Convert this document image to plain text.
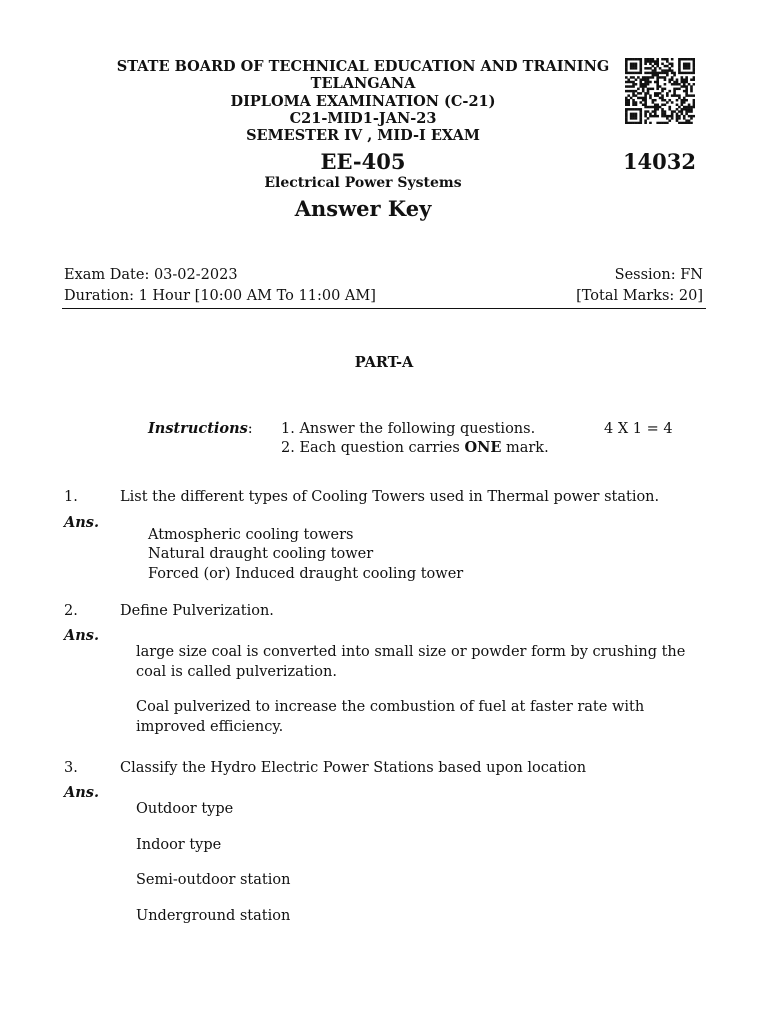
STATE BOARD OF TECHNICAL EDUCATION AND TRAINING
TELANGANA
DIPLOMA EXAMINATION (C-21)
C21-MID1-JAN-23
SEMESTER IV , MID-I EXAM
EE-405	14032
Electrical Power Systems
Answer Key
Exam Date: 03-02-2023	Session: FN
Duration: 1 Hour [10:00 AM To 11:00 AM]	[Total Marks: 20]
PART-A
Instructions: 1. Answer the following questions.	4 X 1 = 4
2. Each question carries ONE mark.
1.	List the different types of Cooling Towers used in Thermal power station.
Ans.
Atmospheric cooling towers
Natural draught cooling tower
Forced (or) Induced draught cooling tower
2.	Define Pulverization.
Ans.
large size coal is converted into small size or powder form by crushing the
coal is called pulverization.
Coal pulverized to increase the combustion of fuel at faster rate with
improved efficiency.
3.	Classify the Hydro Electric Power Stations based upon location
Ans.
Outdoor type
Indoor type
Semi-outdoor station
Underground station
